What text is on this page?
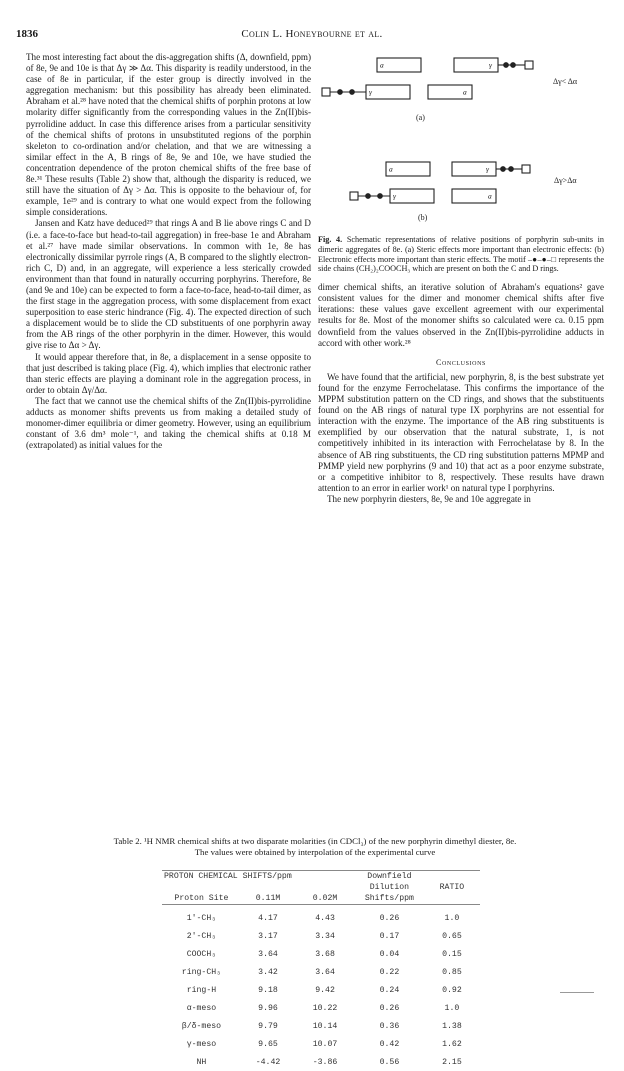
1836	Colin L. Honeybourne et al.

The most interesting fact about the dis-aggregation shifts (Δ, downfield, ppm) of 8e, 9e and 10e is that Δγ ≫ Δα. This disparity is readily understood, in the case of 8e in particular, if the ester group is directly involved in the aggregation mechanism: but this possibility has already been eliminated. Abraham et al.²⁸ have noted that the chemical shifts of porphin protons at low molarity differ significantly from the corresponding values in the Zn(II)bis-pyrrolidine adduct. In case this difference arises from a particular sensitivity of the chemical shifts of protons in unsubstituted regions of the porphin skeleton to co-ordination and/or chelation, and that we are witnessing a similar effect in the A, B rings of 8e, 9e and 10e, we have studied the concentration dependence of the proton chemical shifts of the free base of 8e.³¹ These results (Table 2) show that, although the disparity is reduced, we still have the situation of Δγ > Δα. This is opposite to the behaviour of, for example, 1e²⁹ and is contrary to what one would expect from the following simple considerations.

Jansen and Katz have deduced²⁹ that rings A and B lie above rings C and D (i.e. a face-to-face but head-to-tail aggregation) in free-base 1e and Abraham et al.²⁷ have made similar observations. In common with 1e, 8e has electronically dissimilar pyrrole rings (A, B compared to the slightly electron-rich C, D) and, in an aggregate, will experience a less sterically crowded environment than that found in naturally occurring porphyrins. Therefore, 8e (and 9e and 10e) can be expected to form a face-to-face, head-to-tail dimer, as the first stage in the aggregation process, with some displacement from exact superposition to ease steric hindrance (Fig. 4). The expected direction of such a displacement would be to slide the CD substituents of one porphyrin away from the AB rings of the other porphyrin in the dimer. However, this would give rise to Δα > Δγ.

It would appear therefore that, in 8e, a displacement in a sense opposite to that just described is taking place (Fig. 4), which implies that electronic rather than steric effects are playing a dominant role in the aggregation process, in order to obtain Δγ/Δα.

The fact that we cannot use the chemical shifts of the Zn(II)bis-pyrrolidine adducts as monomer shifts prevents us from making a detailed study of monomer-dimer equilibria or dimer geometry. However, using an equilibrium constant of 3.6 dm³ mole⁻¹, and taking the chemical shifts at 0.18 M (extrapolated) as initial values for the

a	γ
γ	a
a	γ
γ	a
(a)
(b)
Δγ< Δα
Δγ>Δα
Fig. 4. Schematic representations of relative positions of porphyrin sub-units in dimeric aggregates of 8e. (a) Steric effects more important than electronic effects: (b) Electronic effects more important than steric effects. The motif –●–●–□ represents the side chains (CH₂)₂COOCH₃ which are present on both the C and D rings.

dimer chemical shifts, an iterative solution of Abraham's equations² gave consistent values for the dimer and monomer chemical shifts after five iterations: these values gave excellent agreement with our experimental results for 8e. Most of the monomer shifts so calculated were ca. 0.15 ppm downfield from the values observed in the Zn(II)bis-pyrrolidine adducts in accord with other work.²⁸

Conclusions

We have found that the artificial, new porphyrin, 8, is the best substrate yet found for the enzyme Ferrochelatase. This confirms the importance of the MPPM substitution pattern on the CD rings, and shows that the substituents found on the AB rings of natural type IX porphyrins are not essential for interaction with the enzyme. The importance of the AB ring substituents is exemplified by our observation that the natural substrate, 1, is not competitively inhibited in its interaction with Ferrochelatase by 8. In the absence of AB ring substituents, the CD ring substitution patterns MPMP and PMMP yield new porphyrins (9 and 10) that act as a poor enzyme substrate, or a competitive inhibitor to 8, respectively. These results have drawn attention to an error in earlier work¹ on natural type I porphyrins.

The new porphyrin diesters, 8e, 9e and 10e aggregate in

Table 2. ¹H NMR chemical shifts at two disparate molarities (in CDCl₃) of the new porphyrin dimethyl diester, 8e.
The values were obtained by interpolation of the experimental curve
PROTON CHEMICAL SHIFTS/ppm			Downfield	
			Dilution	RATIO
Proton Site	0.11M	0.02M	Shifts/ppm	

1'-CH₃	4.17	4.43	0.26	1.0
2'-CH₃	3.17	3.34	0.17	0.65
COOCH₃	3.64	3.68	0.04	0.15
ring-CH₃	3.42	3.64	0.22	0.85
ring-H	9.18	9.42	0.24	0.92
α-meso	9.96	10.22	0.26	1.0
β/δ-meso	9.79	10.14	0.36	1.38
γ-meso	9.65	10.07	0.42	1.62
NH	-4.42	-3.86	0.56	2.15
